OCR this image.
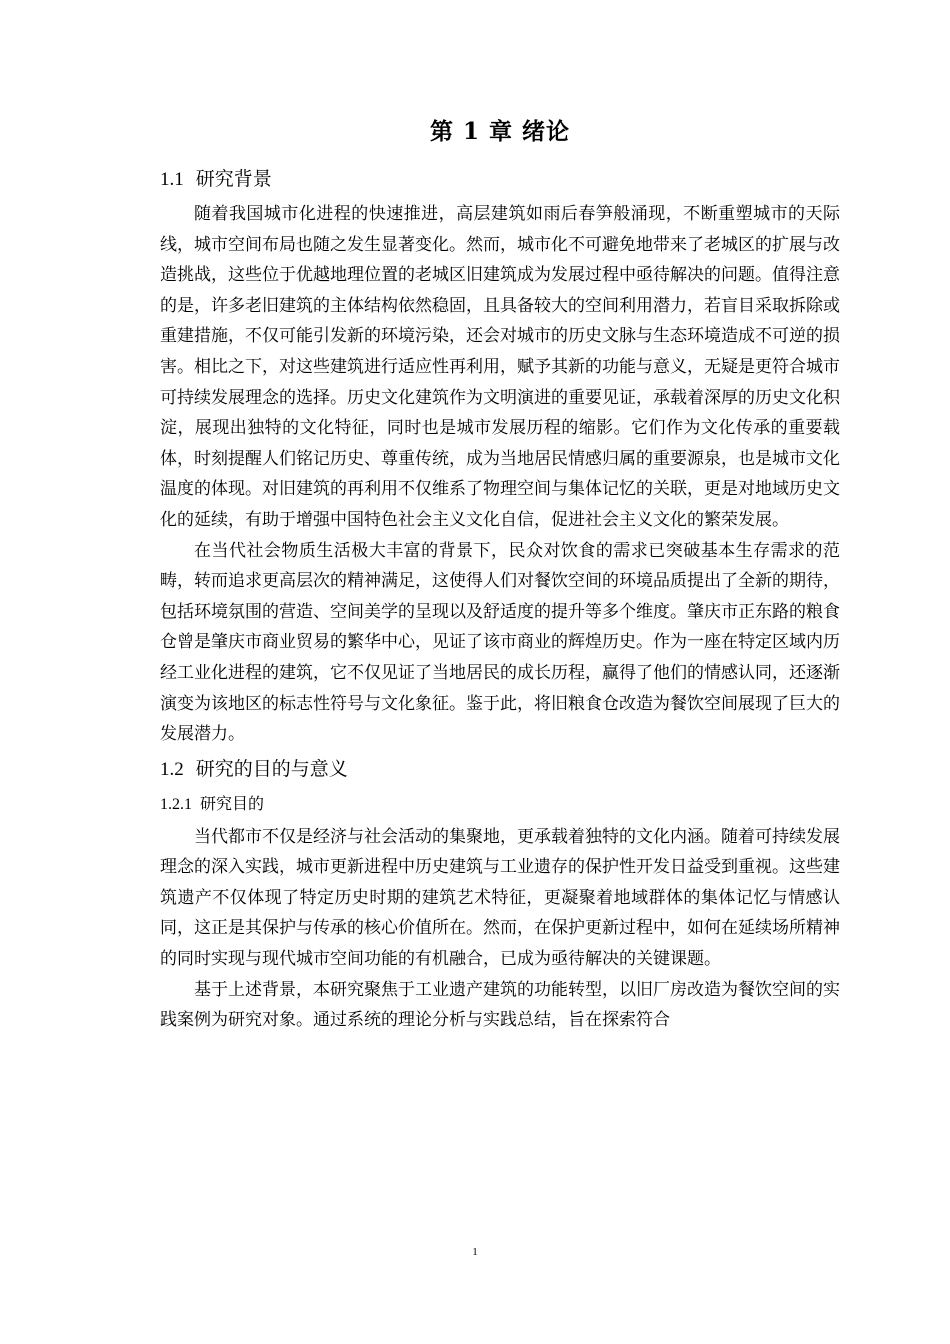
第 1 章 绪论
1.1 研究背景

随着我国城市化进程的快速推进，高层建筑如雨后春笋般涌现，不断重塑城市的天际线，城市空间布局也随之发生显著变化。然而，城市化不可避免地带来了老城区的扩展与改造挑战，这些位于优越地理位置的老城区旧建筑成为发展过程中亟待解决的问题。值得注意的是，许多老旧建筑的主体结构依然稳固，且具备较大的空间利用潜力，若盲目采取拆除或重建措施，不仅可能引发新的环境污染，还会对城市的历史文脉与生态环境造成不可逆的损害。相比之下，对这些建筑进行适应性再利用，赋予其新的功能与意义，无疑是更符合城市可持续发展理念的选择。历史文化建筑作为文明演进的重要见证，承载着深厚的历史文化积淀，展现出独特的文化特征，同时也是城市发展历程的缩影。它们作为文化传承的重要载体，时刻提醒人们铭记历史、尊重传统，成为当地居民情感归属的重要源泉，也是城市文化温度的体现。对旧建筑的再利用不仅维系了物理空间与集体记忆的关联，更是对地域历史文化的延续，有助于增强中国特色社会主义文化自信，促进社会主义文化的繁荣发展。

在当代社会物质生活极大丰富的背景下，民众对饮食的需求已突破基本生存需求的范畴，转而追求更高层次的精神满足，这使得人们对餐饮空间的环境品质提出了全新的期待，包括环境氛围的营造、空间美学的呈现以及舒适度的提升等多个维度。肇庆市正东路的粮食仓曾是肇庆市商业贸易的繁华中心，见证了该市商业的辉煌历史。作为一座在特定区域内历经工业化进程的建筑，它不仅见证了当地居民的成长历程，赢得了他们的情感认同，还逐渐演变为该地区的标志性符号与文化象征。鉴于此，将旧粮食仓改造为餐饮空间展现了巨大的发展潜力。

1.2 研究的目的与意义
1.2.1 研究目的

当代都市不仅是经济与社会活动的集聚地，更承载着独特的文化内涵。随着可持续发展理念的深入实践，城市更新进程中历史建筑与工业遗存的保护性开发日益受到重视。这些建筑遗产不仅体现了特定历史时期的建筑艺术特征，更凝聚着地域群体的集体记忆与情感认同，这正是其保护与传承的核心价值所在。然而，在保护更新过程中，如何在延续场所精神的同时实现与现代城市空间功能的有机融合，已成为亟待解决的关键课题。

基于上述背景，本研究聚焦于工业遗产建筑的功能转型，以旧厂房改造为餐饮空间的实践案例为研究对象。通过系统的理论分析与实践总结，旨在探索符合

1
